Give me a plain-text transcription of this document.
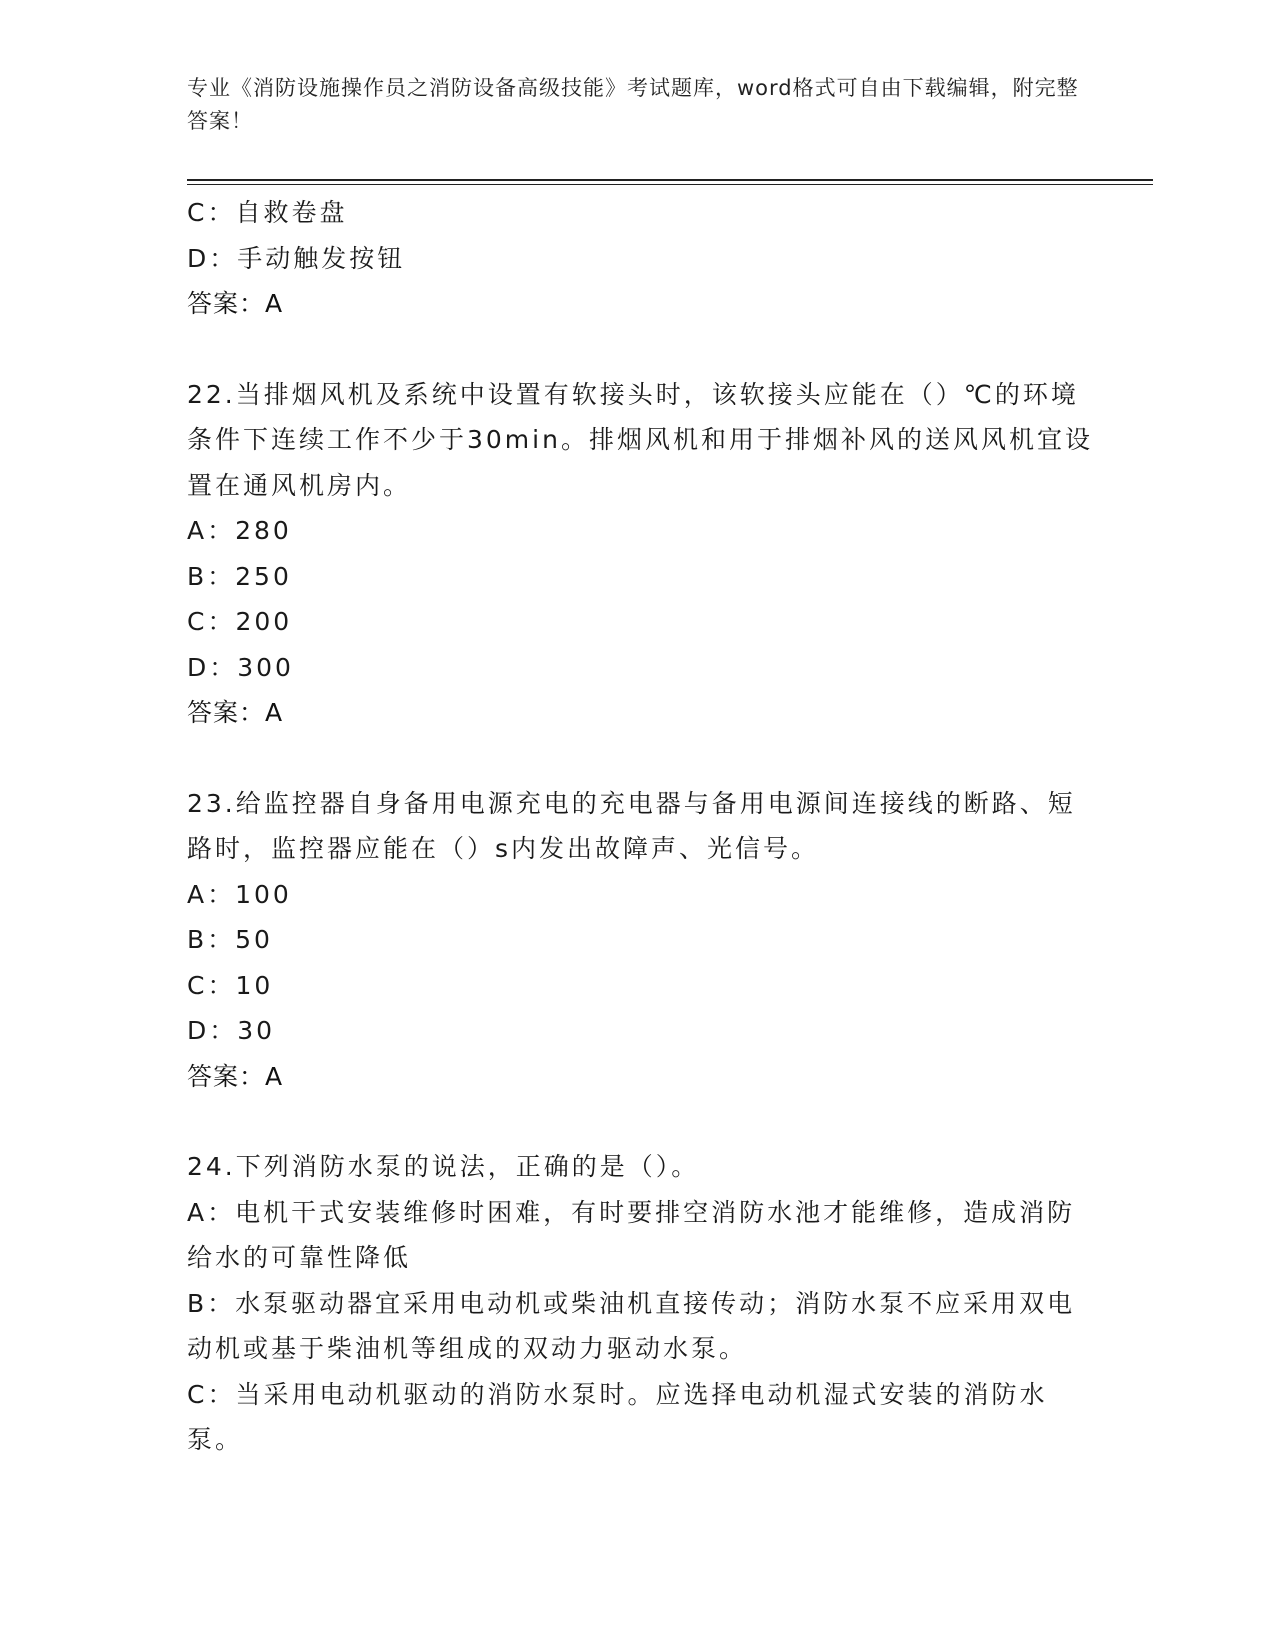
专业《消防设施操作员之消防设备高级技能》考试题库，word格式可自由下载编辑，附完整答案！
C：自救卷盘
D：手动触发按钮
答案：A
22.当排烟风机及系统中设置有软接头时，该软接头应能在（）℃的环境条件下连续工作不少于30min。排烟风机和用于排烟补风的送风风机宜设置在通风机房内。
A：280
B：250
C：200
D：300
答案：A
23.给监控器自身备用电源充电的充电器与备用电源间连接线的断路、短路时，监控器应能在（）s内发出故障声、光信号。
A：100
B：50
C：10
D：30
答案：A
24.下列消防水泵的说法，正确的是（）。
A：电机干式安装维修时困难，有时要排空消防水池才能维修，造成消防给水的可靠性降低
B：水泵驱动器宜采用电动机或柴油机直接传动；消防水泵不应采用双电动机或基于柴油机等组成的双动力驱动水泵。
C：当采用电动机驱动的消防水泵时。应选择电动机湿式安装的消防水泵。
